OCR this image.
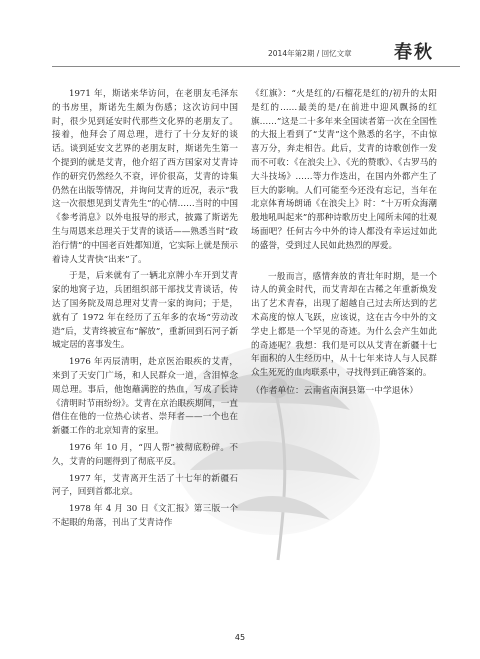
2014年第2期 / 回忆文章 春秋

1971 年，斯诺来华访问，在老朋友毛泽东的书房里，斯诺先生颇为伤感；这次访问中国时，很少见到延安时代那些文化界的老朋友了。接着，他拜会了周总理，进行了十分友好的谈话。谈到延安文艺界的老朋友时，斯诺先生第一个提到的就是艾青，他介绍了西方国家对艾青诗作的研究仍然经久不衰，评价很高，艾青的诗集仍然在出版等情况，并询问艾青的近况，表示“我这一次很想见到艾青先生”的心情……当时的中国《参考消息》以外电报导的形式，披露了斯诺先生与周恩来总理关于艾青的谈话——熟悉当时“政治行情”的中国老百姓都知道，它实际上就是预示着诗人艾青快“出来”了。

于是，后来就有了一辆北京牌小车开到艾青家的地窝子边，兵团组织部干部找艾青谈话，传达了国务院及周总理对艾青一家的询问；于是，就有了 1972 年在经历了五年多的农场“劳动改造”后，艾青终被宣布“解放”，重新回到石河子新城定居的喜事发生。

1976 年丙辰清明，赴京医治眼疾的艾青，来到了天安门广场，和人民群众一道，含泪悼念周总理。事后，他饱蘸满腔的热血，写成了长诗《清明时节雨纷纷》。艾青在京治眼疾期间，一直借住在他的一位热心读者、崇拜者——一个也在新疆工作的北京知青的家里。

1976 年 10 月，“四人帮”被彻底粉碎。不久，艾青的问题得到了彻底平反。

1977 年，艾青离开生活了十七年的新疆石河子，回到首都北京。

1978 年 4 月 30 日《文汇报》第三版一个不起眼的角落，刊出了艾青诗作

《红旗》：“火是红的/石榴花是红的/初升的太阳是红的……最美的是/在前进中迎风飘扬的红旗……”这是二十多年来全国读者第一次在全国性的大报上看到了“艾青”这个熟悉的名字，不由惊喜万分，奔走相告。此后，艾青的诗歌创作一发而不可收：《在浪尖上》、《光的赞歌》、《古罗马的大斗技场》……等力作迭出，在国内外都产生了巨大的影响。人们可能至今还没有忘记，当年在北京体育场朗诵《在浪尖上》时：“十万听众海潮般地吼叫起来”的那种诗歌历史上闻所未闻的壮观场面吧？任何古今中外的诗人都没有幸运过如此的盛誉，受到过人民如此热烈的厚爱。

一般而言，感情奔放的青壮年时期，是一个诗人的黄金时代，而艾青却在古稀之年重新焕发出了艺术青春，出现了超越自己过去所达到的艺术高度的惊人飞跃，应该说，这在古今中外的文学史上都是一个罕见的奇迹。为什么会产生如此的奇迹呢？我想：我们是可以从艾青在新疆十七年面积的人生经历中，从十七年来诗人与人民群众生死死的血肉联系中，寻找得到正确答案的。

（作者单位：云南省南涧县第一中学退休）

45
